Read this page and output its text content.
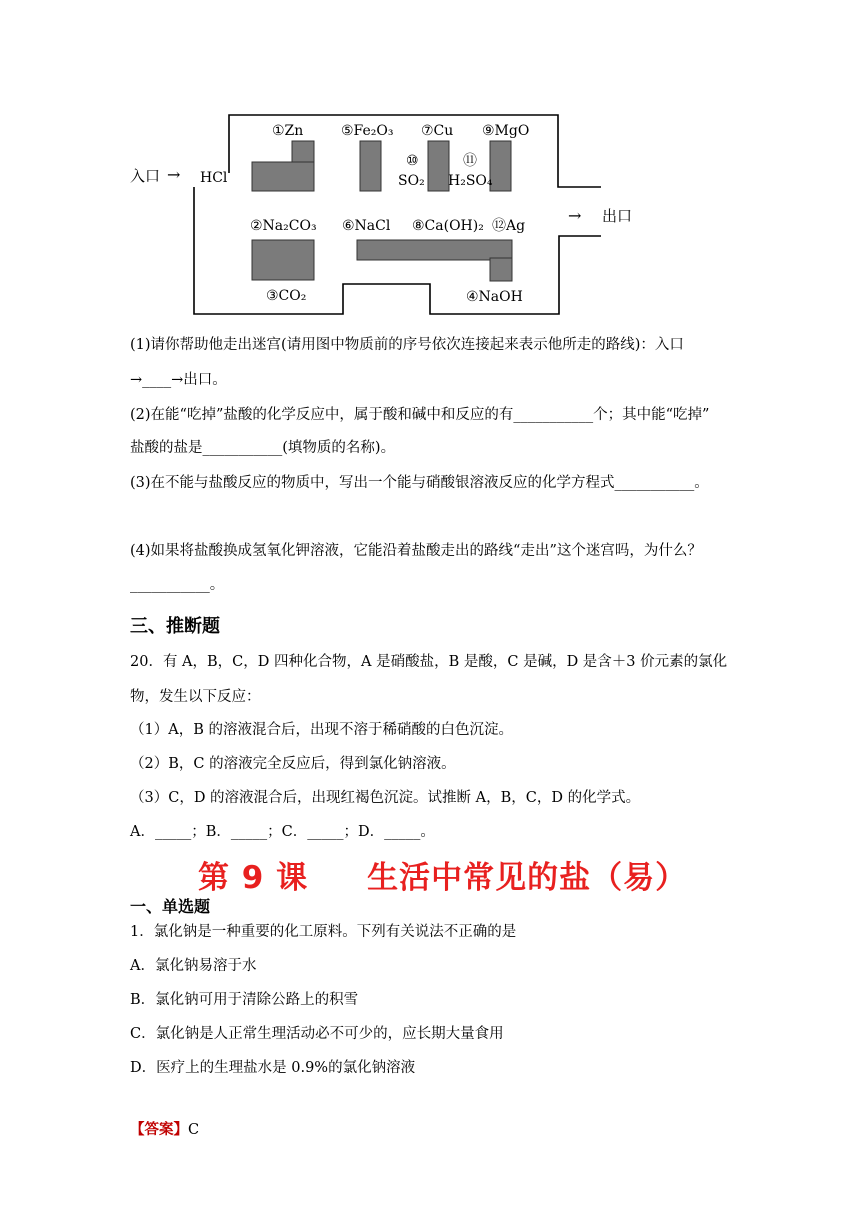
入口 → HCl
→ 出口
①Zn	⑤Fe₂O₃ ⑦Cu ⑨MgO
⑩
SO₂
⑪
H₂SO₄
②Na₂CO₃ ⑥NaCl ⑧Ca(OH)₂ ⑫Ag
③CO₂	④NaOH
(1)请你帮助他走出迷宫(请用图中物质前的序号依次连接起来表示他所走的路线)：入口
→____→出口。
(2)在能“吃掉”盐酸的化学反应中，属于酸和碱中和反应的有___________个；其中能“吃掉”
盐酸的盐是___________(填物质的名称)。
(3)在不能与盐酸反应的物质中，写出一个能与硝酸银溶液反应的化学方程式___________。
(4)如果将盐酸换成氢氧化钾溶液，它能沿着盐酸走出的路线“走出”这个迷宫吗，为什么？
___________。
三、推断题
20．有 A，B，C，D 四种化合物，A 是硝酸盐，B 是酸，C 是碱，D 是含＋3 价元素的氯化
物，发生以下反应：
（1）A，B 的溶液混合后，出现不溶于稀硝酸的白色沉淀。
（2）B，C 的溶液完全反应后，得到氯化钠溶液。
（3）C，D 的溶液混合后，出现红褐色沉淀。试推断 A，B，C，D 的化学式。
A．_____；B．_____；C．_____；D．_____。
第 9 课     生活中常见的盐（易）
一、单选题
1．氯化钠是一种重要的化工原料。下列有关说法不正确的是
A．氯化钠易溶于水
B．氯化钠可用于清除公路上的积雪
C．氯化钠是人正常生理活动必不可少的，应长期大量食用
D．医疗上的生理盐水是 0.9%的氯化钠溶液
【答案】C
